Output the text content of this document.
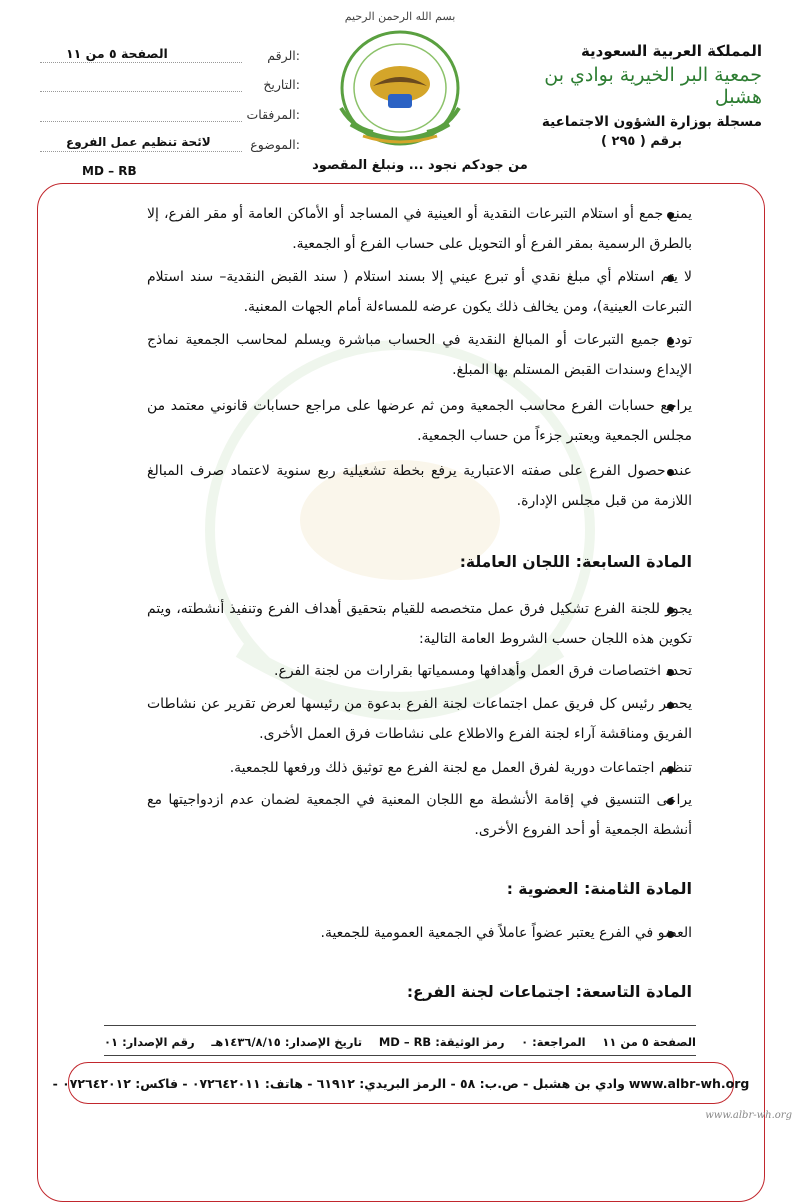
بسم الله الرحمن الرحيم
المملكة العربية السعودية
جمعية البر الخيرية بوادي بن هشبل
مسجلة بوزارة الشؤون الاجتماعية
برقم ( ٢٩٥ )
الرقم:
الصفحة ٥ من ١١
التاريخ:
المرفقات:
الموضوع:
لائحة تنظيم عمل الفروع
MD – RB	من جودكم نجود ... ونبلغ المقصود
يمنع جمع أو استلام التبرعات النقدية أو العينية في المساجد أو الأماكن العامة أو مقر الفرع، إلا بالطرق الرسمية بمقر الفرع أو التحويل على حساب الفرع أو الجمعية.
لا يتم استلام أي مبلغ نقدي أو تبرع عيني إلا بسند استلام ( سند القبض النقدية– سند استلام التبرعات العينية)، ومن يخالف ذلك يكون عرضه للمساءلة أمام الجهات المعنية.
تودع جميع التبرعات أو المبالغ النقدية في الحساب مباشرة ويسلم لمحاسب الجمعية نماذج الإيداع وسندات القبض المستلم بها المبلغ.
يراجع حسابات الفرع محاسب الجمعية ومن ثم عرضها على مراجع حسابات قانوني معتمد من مجلس الجمعية ويعتبر جزءاً من حساب الجمعية.
عند حصول الفرع على صفته الاعتبارية يرفع بخطة تشغيلية ربع سنوية لاعتماد صرف المبالغ اللازمة من قبل مجلس الإدارة.
المادة السابعة: اللجان العاملة:
يجوز للجنة الفرع تشكيل فرق عمل متخصصه للقيام بتحقيق أهداف الفرع وتنفيذ أنشطته، ويتم تكوين هذه اللجان حسب الشروط العامة التالية:
تحدد اختصاصات فرق العمل وأهدافها ومسمياتها بقرارات من لجنة الفرع.
يحضر رئيس كل فريق عمل اجتماعات لجنة الفرع بدعوة من رئيسها لعرض تقرير عن نشاطات الفريق ومناقشة آراء لجنة الفرع والاطلاع على نشاطات فرق العمل الأخرى.
تنظيم اجتماعات دورية لفرق العمل مع لجنة الفرع مع توثيق ذلك ورفعها للجمعية.
يراعى التنسيق في إقامة الأنشطة مع اللجان المعنية في الجمعية لضمان عدم ازدواجيتها مع أنشطة الجمعية أو أحد الفروع الأخرى.
المادة الثامنة: العضوية :
العضو في الفرع يعتبر عضواً عاملاً في الجمعية العمومية للجمعية.
المادة التاسعة: اجتماعات لجنة الفرع:
رقم الإصدار: ٠١ تاريخ الإصدار: ١٤٣٦/٨/١٥هـ رمز الوثيقة: MD – RB المراجعة: ٠ الصفحة ٥ من ١١
وادي بن هشبل - ص.ب: ٥٨ - الرمز البريدي: ٦١٩١٢ - هاتف: ٠٧٢٦٤٢٠١١ - فاكس: ٠٧٢٦٤٢٠١٢ - www.albr-wh.org
www.albr-wh.org
